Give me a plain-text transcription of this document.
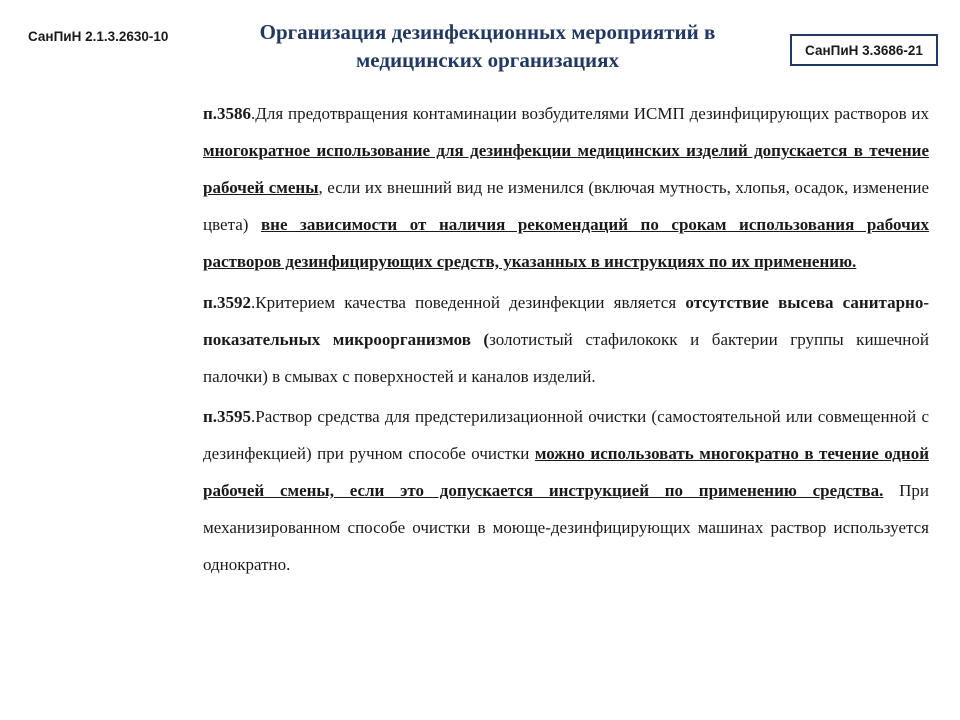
СанПиН 2.1.3.2630-10	Организация дезинфекционных мероприятий в медицинских организациях	СанПиН 3.3686-21

п.3586.Для предотвращения контаминации возбудителями ИСМП дезинфицирующих растворов их многократное использование для дезинфекции медицинских изделий допускается в течение рабочей смены, если их внешний вид не изменился (включая мутность, хлопья, осадок, изменение цвета) вне зависимости от наличия рекомендаций по срокам использования рабочих растворов дезинфицирующих средств, указанных в инструкциях по их применению.

п.3592.Критерием качества поведенной дезинфекции является отсутствие высева санитарно-показательных микроорганизмов (золотистый стафилококк и бактерии группы кишечной палочки) в смывах с поверхностей и каналов изделий.

п.3595.Раствор средства для предстерилизационной очистки (самостоятельной или совмещенной с дезинфекцией) при ручном способе очистки можно использовать многократно в течение одной рабочей смены, если это допускается инструкцией по применению средства. При механизированном способе очистки в моюще-дезинфицирующих машинах раствор используется однократно.
